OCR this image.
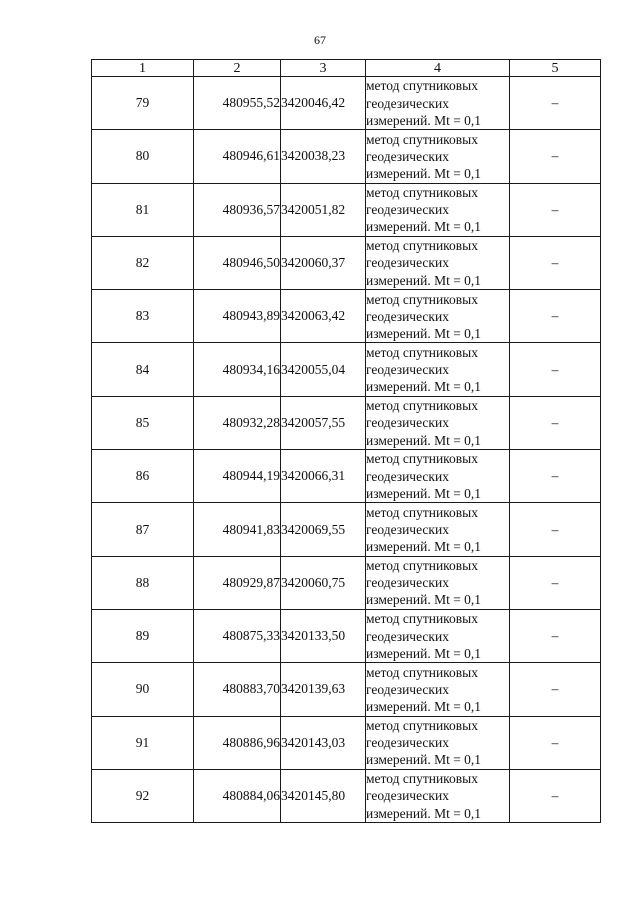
67
1	2	3	4	5
79	480955,52	3420046,42	метод спутниковых
геодезических
измерений. Mt = 0,1	–
80	480946,61	3420038,23	метод спутниковых
геодезических
измерений. Mt = 0,1	–
81	480936,57	3420051,82	метод спутниковых
геодезических
измерений. Mt = 0,1	–
82	480946,50	3420060,37	метод спутниковых
геодезических
измерений. Mt = 0,1	–
83	480943,89	3420063,42	метод спутниковых
геодезических
измерений. Mt = 0,1	–
84	480934,16	3420055,04	метод спутниковых
геодезических
измерений. Mt = 0,1	–
85	480932,28	3420057,55	метод спутниковых
геодезических
измерений. Mt = 0,1	–
86	480944,19	3420066,31	метод спутниковых
геодезических
измерений. Mt = 0,1	–
87	480941,83	3420069,55	метод спутниковых
геодезических
измерений. Mt = 0,1	–
88	480929,87	3420060,75	метод спутниковых
геодезических
измерений. Mt = 0,1	–
89	480875,33	3420133,50	метод спутниковых
геодезических
измерений. Mt = 0,1	–
90	480883,70	3420139,63	метод спутниковых
геодезических
измерений. Mt = 0,1	–
91	480886,96	3420143,03	метод спутниковых
геодезических
измерений. Mt = 0,1	–
92	480884,06	3420145,80	метод спутниковых
геодезических
измерений. Mt = 0,1	–
